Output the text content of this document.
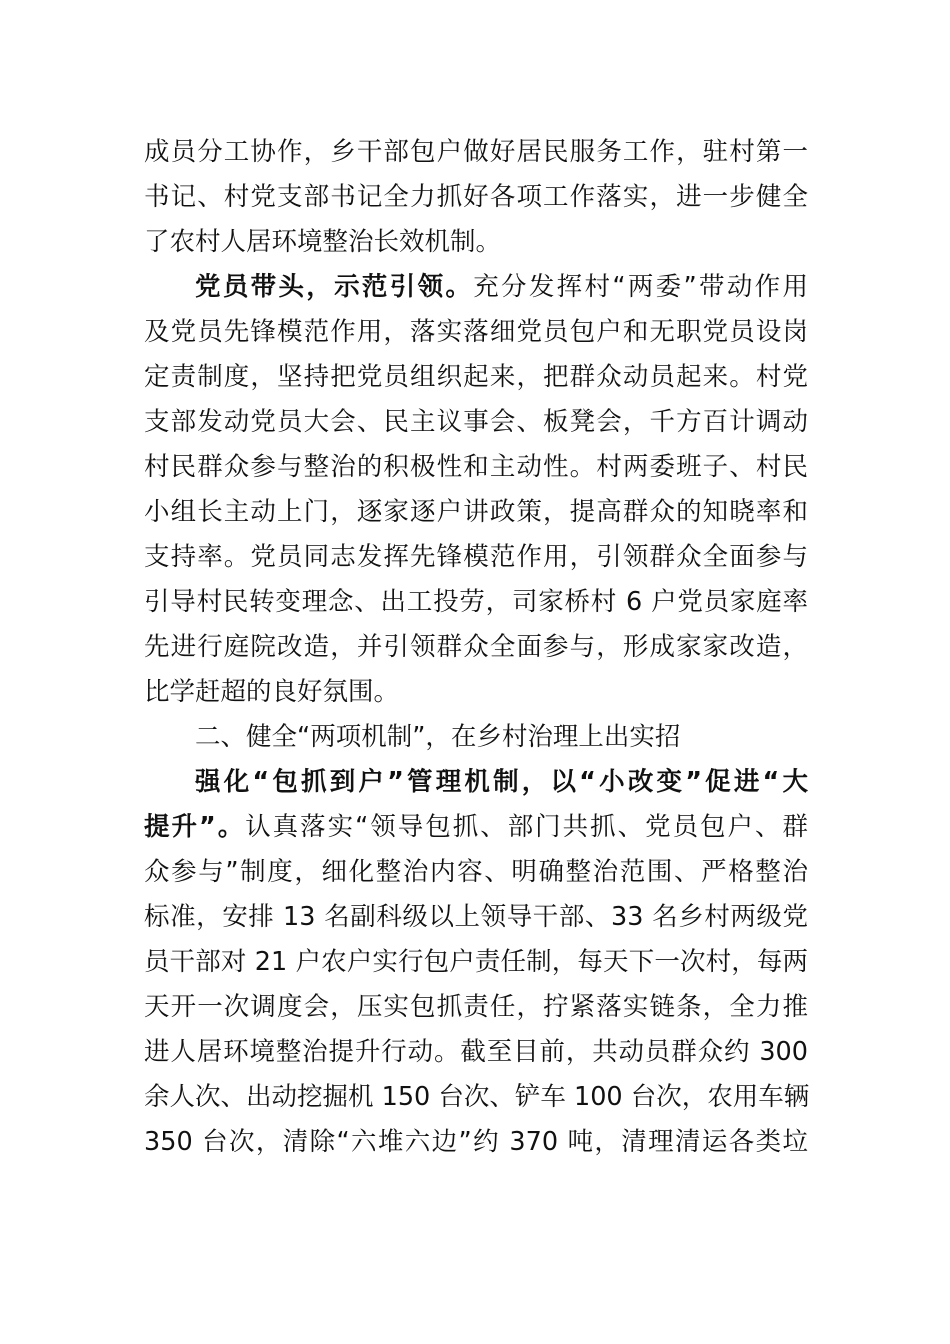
成员分工协作，乡干部包户做好居民服务工作，驻村第一
书记、村党支部书记全力抓好各项工作落实，进一步健全
了农村人居环境整治长效机制。
党员带头，示范引领。充分发挥村“两委”带动作用
及党员先锋模范作用，落实落细党员包户和无职党员设岗
定责制度，坚持把党员组织起来，把群众动员起来。村党
支部发动党员大会、民主议事会、板凳会，千方百计调动
村民群众参与整治的积极性和主动性。村两委班子、村民
小组长主动上门，逐家逐户讲政策，提高群众的知晓率和
支持率。党员同志发挥先锋模范作用，引领群众全面参与
引导村民转变理念、出工投劳，司家桥村 6 户党员家庭率
先进行庭院改造，并引领群众全面参与，形成家家改造，
比学赶超的良好氛围。
二、健全“两项机制”，在乡村治理上出实招
强化“包抓到户”管理机制，以“小改变”促进“大
提升”。认真落实“领导包抓、部门共抓、党员包户、群
众参与”制度，细化整治内容、明确整治范围、严格整治
标准，安排 13 名副科级以上领导干部、33 名乡村两级党
员干部对 21 户农户实行包户责任制，每天下一次村，每两
天开一次调度会，压实包抓责任，拧紧落实链条，全力推
进人居环境整治提升行动。截至目前，共动员群众约 300
余人次、出动挖掘机 150 台次、铲车 100 台次，农用车辆
350 台次，清除“六堆六边”约 370 吨，清理清运各类垃
